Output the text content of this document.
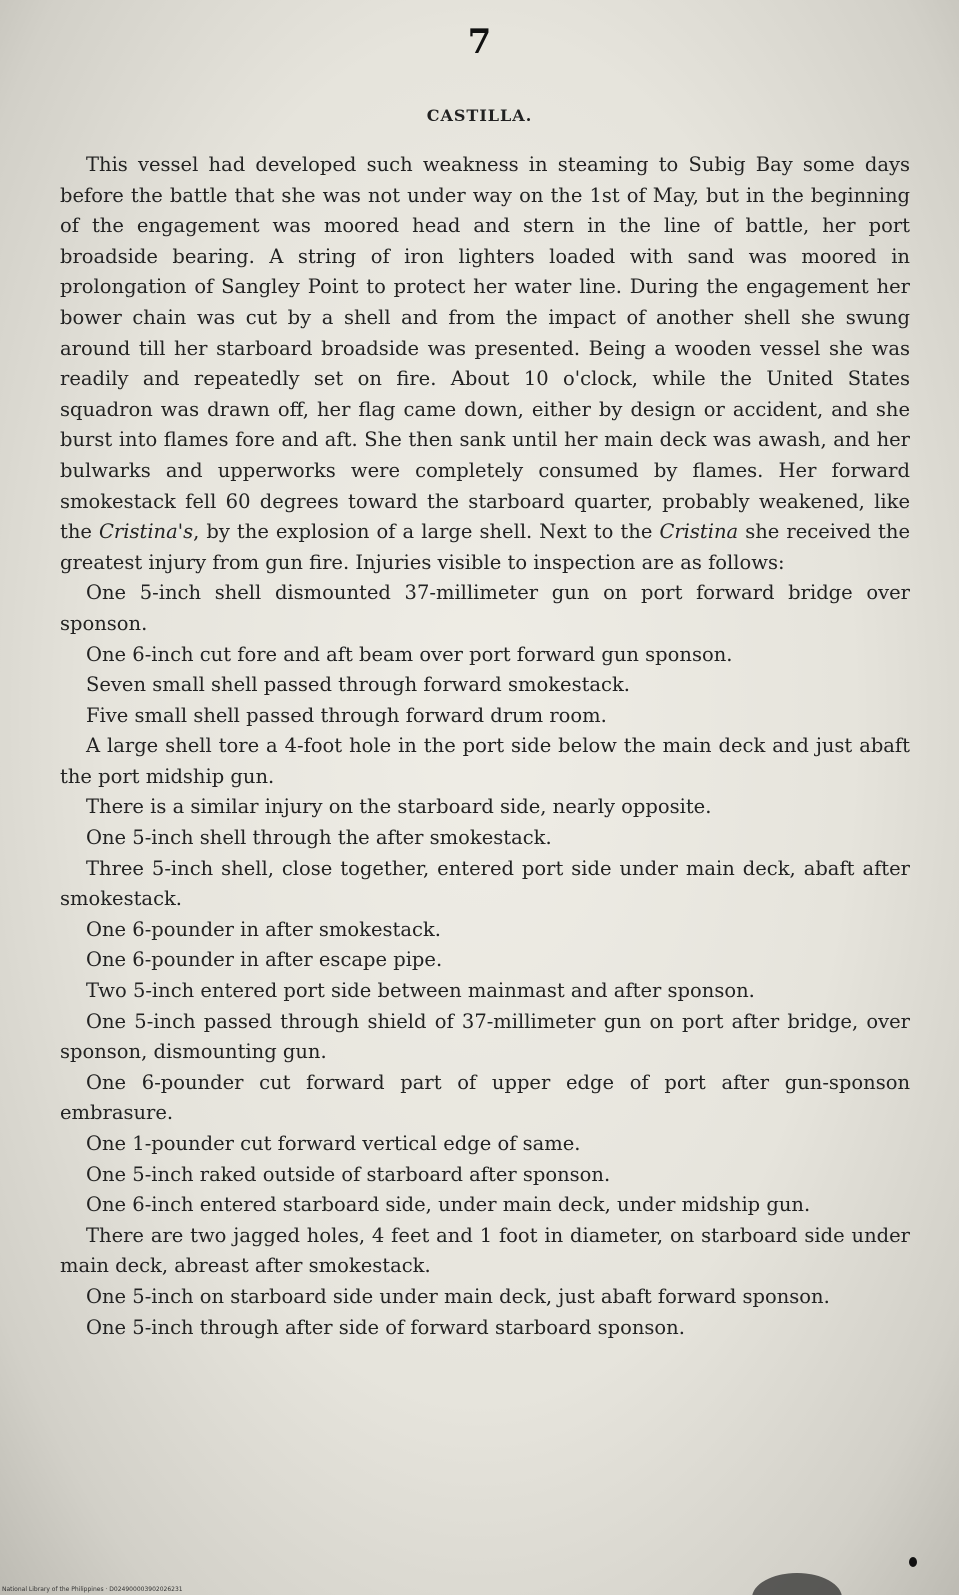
7
CASTILLA.

This vessel had developed such weakness in steaming to Subig Bay some days before the battle that she was not under way on the 1st of May, but in the beginning of the engagement was moored head and stern in the line of battle, her port broadside bearing. A string of iron lighters loaded with sand was moored in prolongation of Sangley Point to protect her water line. During the engagement her bower chain was cut by a shell and from the impact of another shell she swung around till her starboard broadside was presented. Being a wooden vessel she was readily and repeatedly set on fire. About 10 o'clock, while the United States squadron was drawn off, her flag came down, either by design or accident, and she burst into flames fore and aft. She then sank until her main deck was awash, and her bulwarks and upperworks were completely consumed by flames. Her forward smokestack fell 60 degrees toward the starboard quarter, probably weakened, like the Cristina's, by the explosion of a large shell. Next to the Cristina she received the greatest injury from gun fire. Injuries visible to inspection are as follows:

One 5-inch shell dismounted 37-millimeter gun on port forward bridge over sponson.

One 6-inch cut fore and aft beam over port forward gun sponson.

Seven small shell passed through forward smokestack.

Five small shell passed through forward drum room.

A large shell tore a 4-foot hole in the port side below the main deck and just abaft the port midship gun.

There is a similar injury on the starboard side, nearly opposite.

One 5-inch shell through the after smokestack.

Three 5-inch shell, close together, entered port side under main deck, abaft after smokestack.

One 6-pounder in after smokestack.

One 6-pounder in after escape pipe.

Two 5-inch entered port side between mainmast and after sponson.

One 5-inch passed through shield of 37-millimeter gun on port after bridge, over sponson, dismounting gun.

One 6-pounder cut forward part of upper edge of port after gun-sponson embrasure.

One 1-pounder cut forward vertical edge of same.

One 5-inch raked outside of starboard after sponson.

One 6-inch entered starboard side, under main deck, under midship gun.

There are two jagged holes, 4 feet and 1 foot in diameter, on starboard side under main deck, abreast after smokestack.

One 5-inch on starboard side under main deck, just abaft forward sponson.

One 5-inch through after side of forward starboard sponson.

National Library of the Philippines · D024900003902026231
